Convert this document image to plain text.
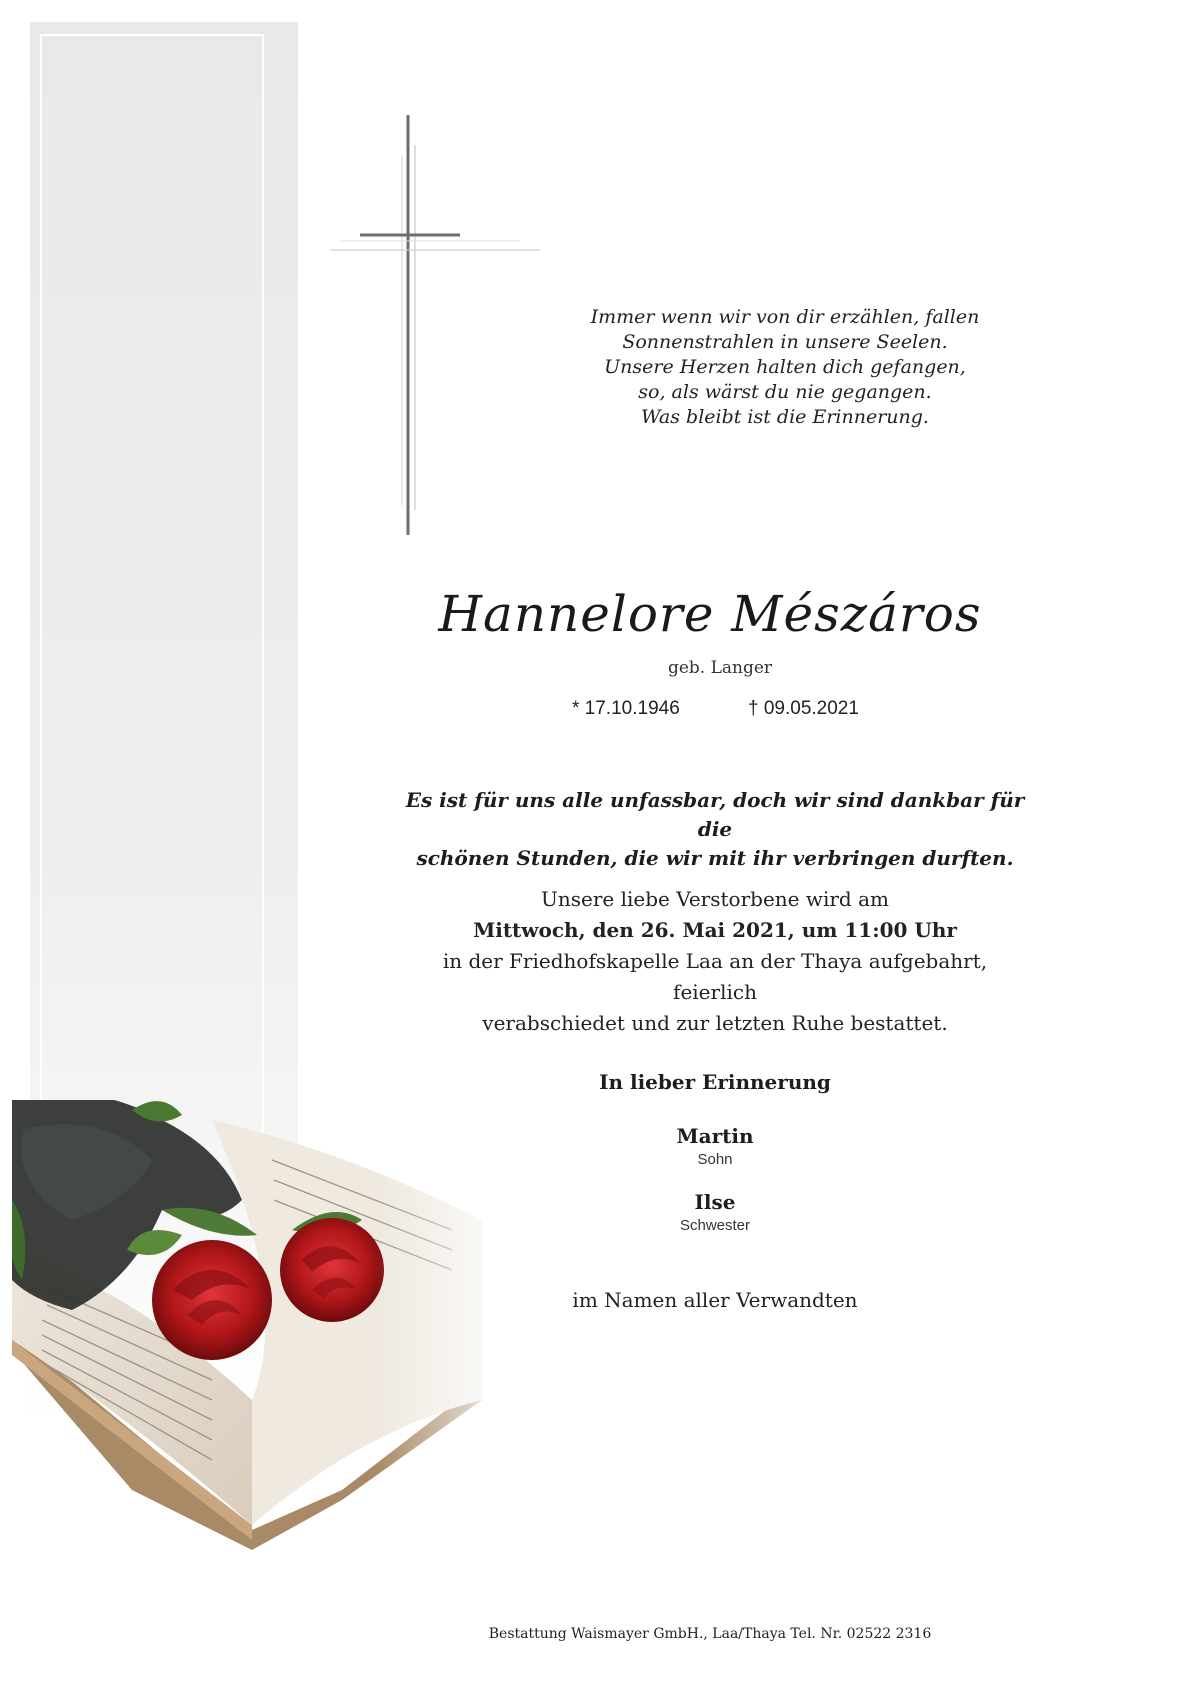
Immer wenn wir von dir erzählen, fallen
Sonnenstrahlen in unsere Seelen.
Unsere Herzen halten dich gefangen,
so, als wärst du nie gegangen.
Was bleibt ist die Erinnerung.
Hannelore Mészáros
geb. Langer
* 17.10.1946	† 09.05.2021
Es ist für uns alle unfassbar, doch wir sind dankbar für die
schönen Stunden, die wir mit ihr verbringen durften.
Unsere liebe Verstorbene wird am
Mittwoch, den 26. Mai 2021, um 11:00 Uhr
in der Friedhofskapelle Laa an der Thaya aufgebahrt, feierlich
verabschiedet und zur letzten Ruhe bestattet.
In lieber Erinnerung
Martin
Sohn
Ilse
Schwester
im Namen aller Verwandten
Bestattung Waismayer GmbH., Laa/Thaya Tel. Nr. 02522 2316
